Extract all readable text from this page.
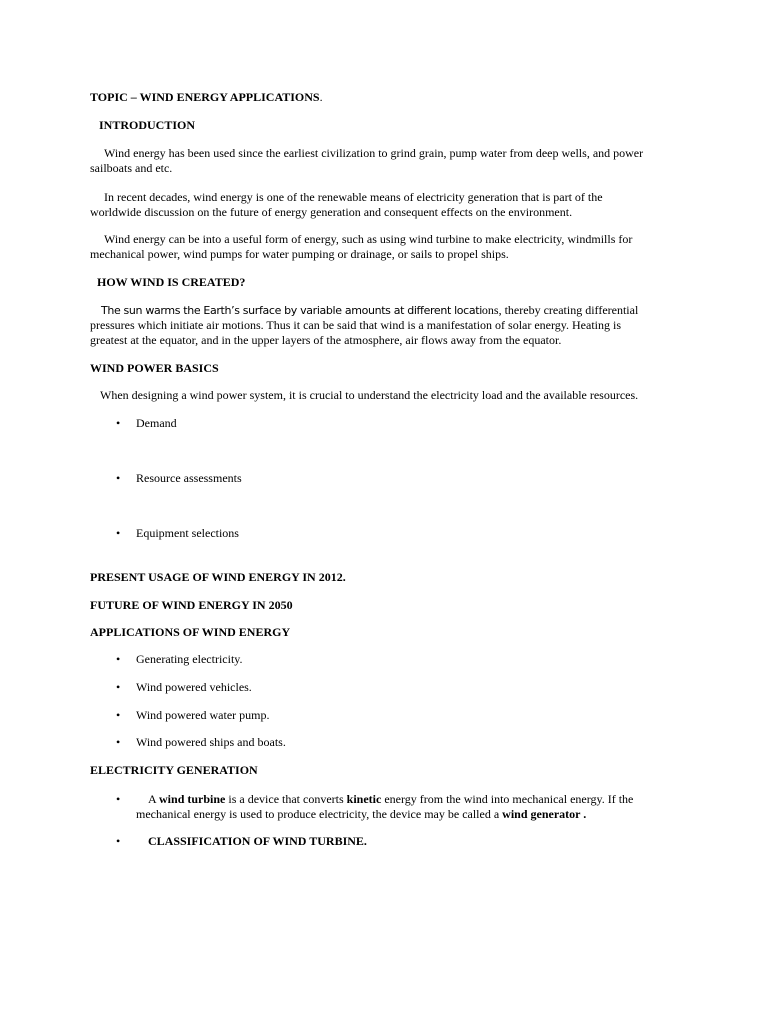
TOPIC – WIND ENERGY APPLICATIONS.
INTRODUCTION
Wind energy has been used since the earliest civilization to grind grain, pump water from deep wells, and power
sailboats and etc.
In recent decades, wind energy is one of the renewable means of electricity generation that is part of the
worldwide discussion on the future of energy generation and consequent effects on the environment.
Wind energy can be into a useful form of energy, such as using wind turbine to make electricity, windmills for
mechanical power, wind pumps for water pumping or drainage, or sails to propel ships.
HOW WIND IS CREATED?
The sun warms the Earth’s surface by variable amounts at different locations, thereby creating differential
pressures which initiate air motions. Thus it can be said that wind is a manifestation of solar energy. Heating is
greatest at the equator, and in the upper layers of the atmosphere, air flows away from the equator.
WIND POWER BASICS
When designing a wind power system, it is crucial to understand the electricity load and the available resources.
• Demand
• Resource assessments
• Equipment selections
PRESENT USAGE OF WIND ENERGY IN 2012.
FUTURE OF WIND ENERGY IN 2050
APPLICATIONS OF WIND ENERGY
• Generating electricity.
• Wind powered vehicles.
• Wind powered water pump.
• Wind powered ships and boats.
ELECTRICITY GENERATION
• A wind turbine is a device that converts kinetic energy from the wind into mechanical energy. If the
mechanical energy is used to produce electricity, the device may be called a wind generator .
• CLASSIFICATION OF WIND TURBINE.
